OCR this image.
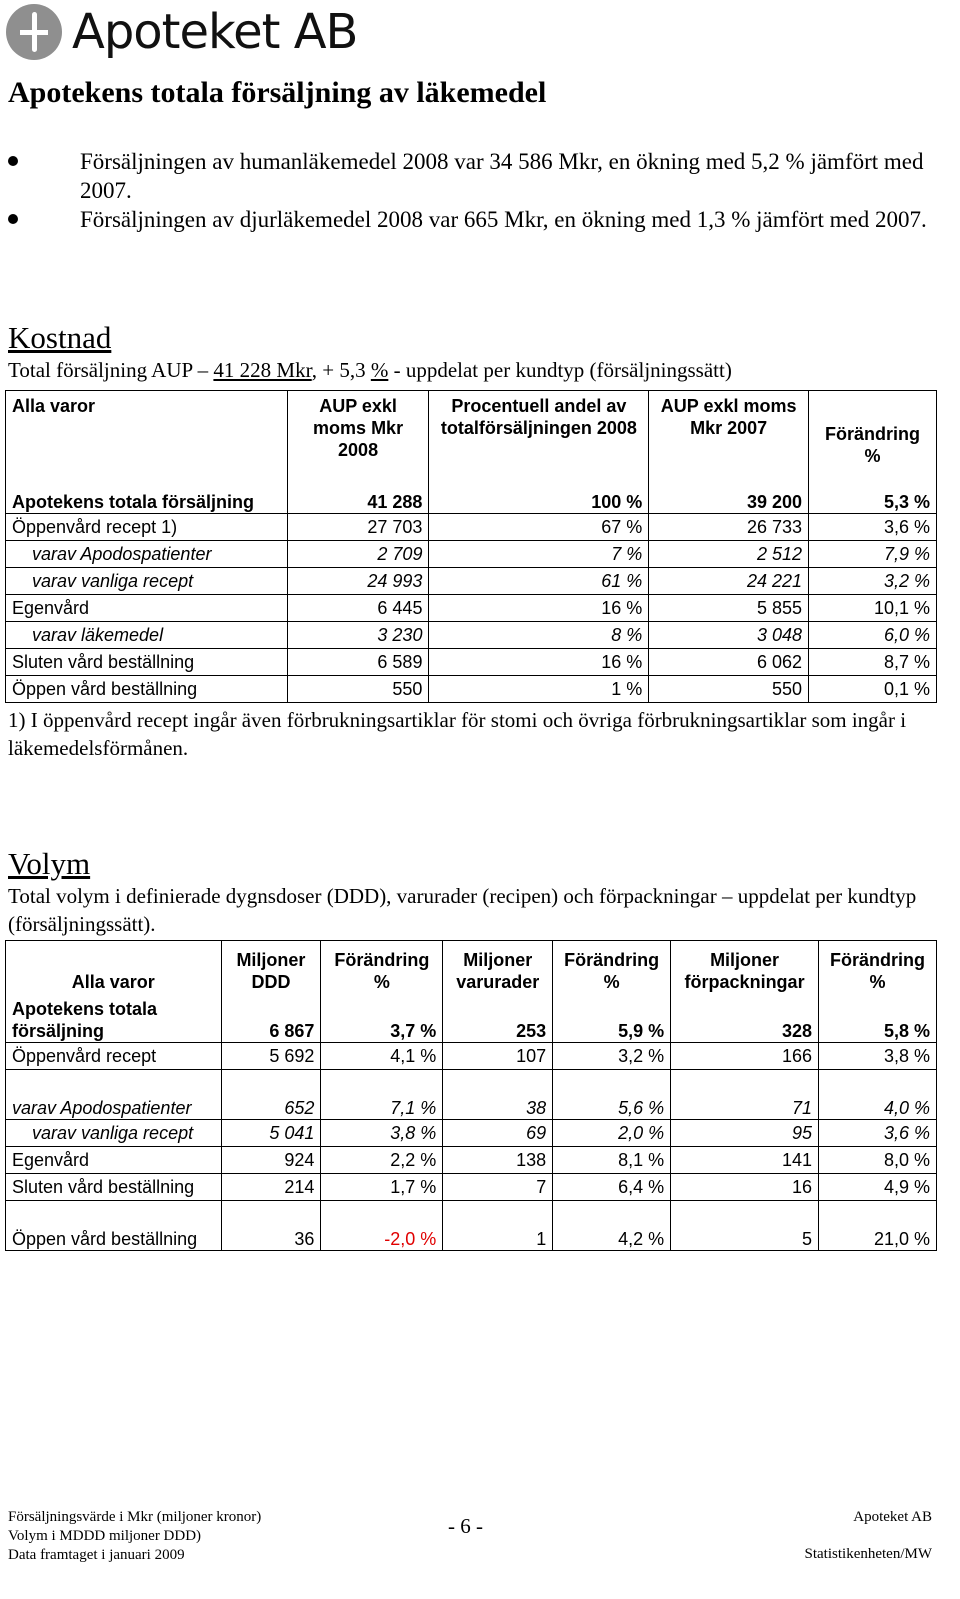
Apoteket AB
Apotekens totala försäljning av läkemedel
Försäljningen av humanläkemedel 2008 var 34 586 Mkr, en ökning med 5,2 % jämfört med 2007.
Försäljningen av djurläkemedel 2008 var 665 Mkr, en ökning med 1,3 % jämfört med 2007.
Kostnad

Total försäljning AUP – 41 228 Mkr, + 5,3 % - uppdelat per kundtyp (försäljningssätt)

Alla varor	AUP exkl moms Mkr 2008	Procentuell andel av totalförsäljningen 2008	AUP exkl moms Mkr 2007	Förändring %
Apotekens totala försäljning	41 288	100 %	39 200	5,3 %
Öppenvård recept 1)	27 703	67 %	26 733	3,6 %
varav Apodospatienter	2 709	7 %	2 512	7,9 %
varav vanliga recept	24 993	61 %	24 221	3,2 %
Egenvård	6 445	16 %	5 855	10,1 %
varav läkemedel	3 230	8 %	3 048	6,0 %
Sluten vård beställning	6 589	16 %	6 062	8,7 %
Öppen vård beställning	550	1 %	550	0,1 %

1) I öppenvård recept ingår även förbrukningsartiklar för stomi och övriga förbrukningsartiklar som ingår i läkemedelsförmånen.

Volym

Total volym i definierade dygnsdoser (DDD), varurader (recipen) och förpackningar – uppdelat per kundtyp (försäljningssätt).

Alla varor	Miljoner DDD	Förändring %	Miljoner varurader	Förändring %	Miljoner förpackningar	Förändring %
Apotekens totala försäljning	6 867	3,7 %	253	5,9 %	328	5,8 %
Öppenvård recept	5 692	4,1 %	107	3,2 %	166	3,8 %
varav Apodospatienter	652	7,1 %	38	5,6 %	71	4,0 %
varav vanliga recept	5 041	3,8 %	69	2,0 %	95	3,6 %
Egenvård	924	2,2 %	138	8,1 %	141	8,0 %
Sluten vård beställning	214	1,7 %	7	6,4 %	16	4,9 %
Öppen vård beställning	36	-2,0 %	1	4,2 %	5	21,0 %
Försäljningsvärde i Mkr (miljoner kronor)
Volym i MDDD miljoner DDD)
Data framtaget i januari 2009
- 6 -	Apoteket AB
Statistikenheten/MW
